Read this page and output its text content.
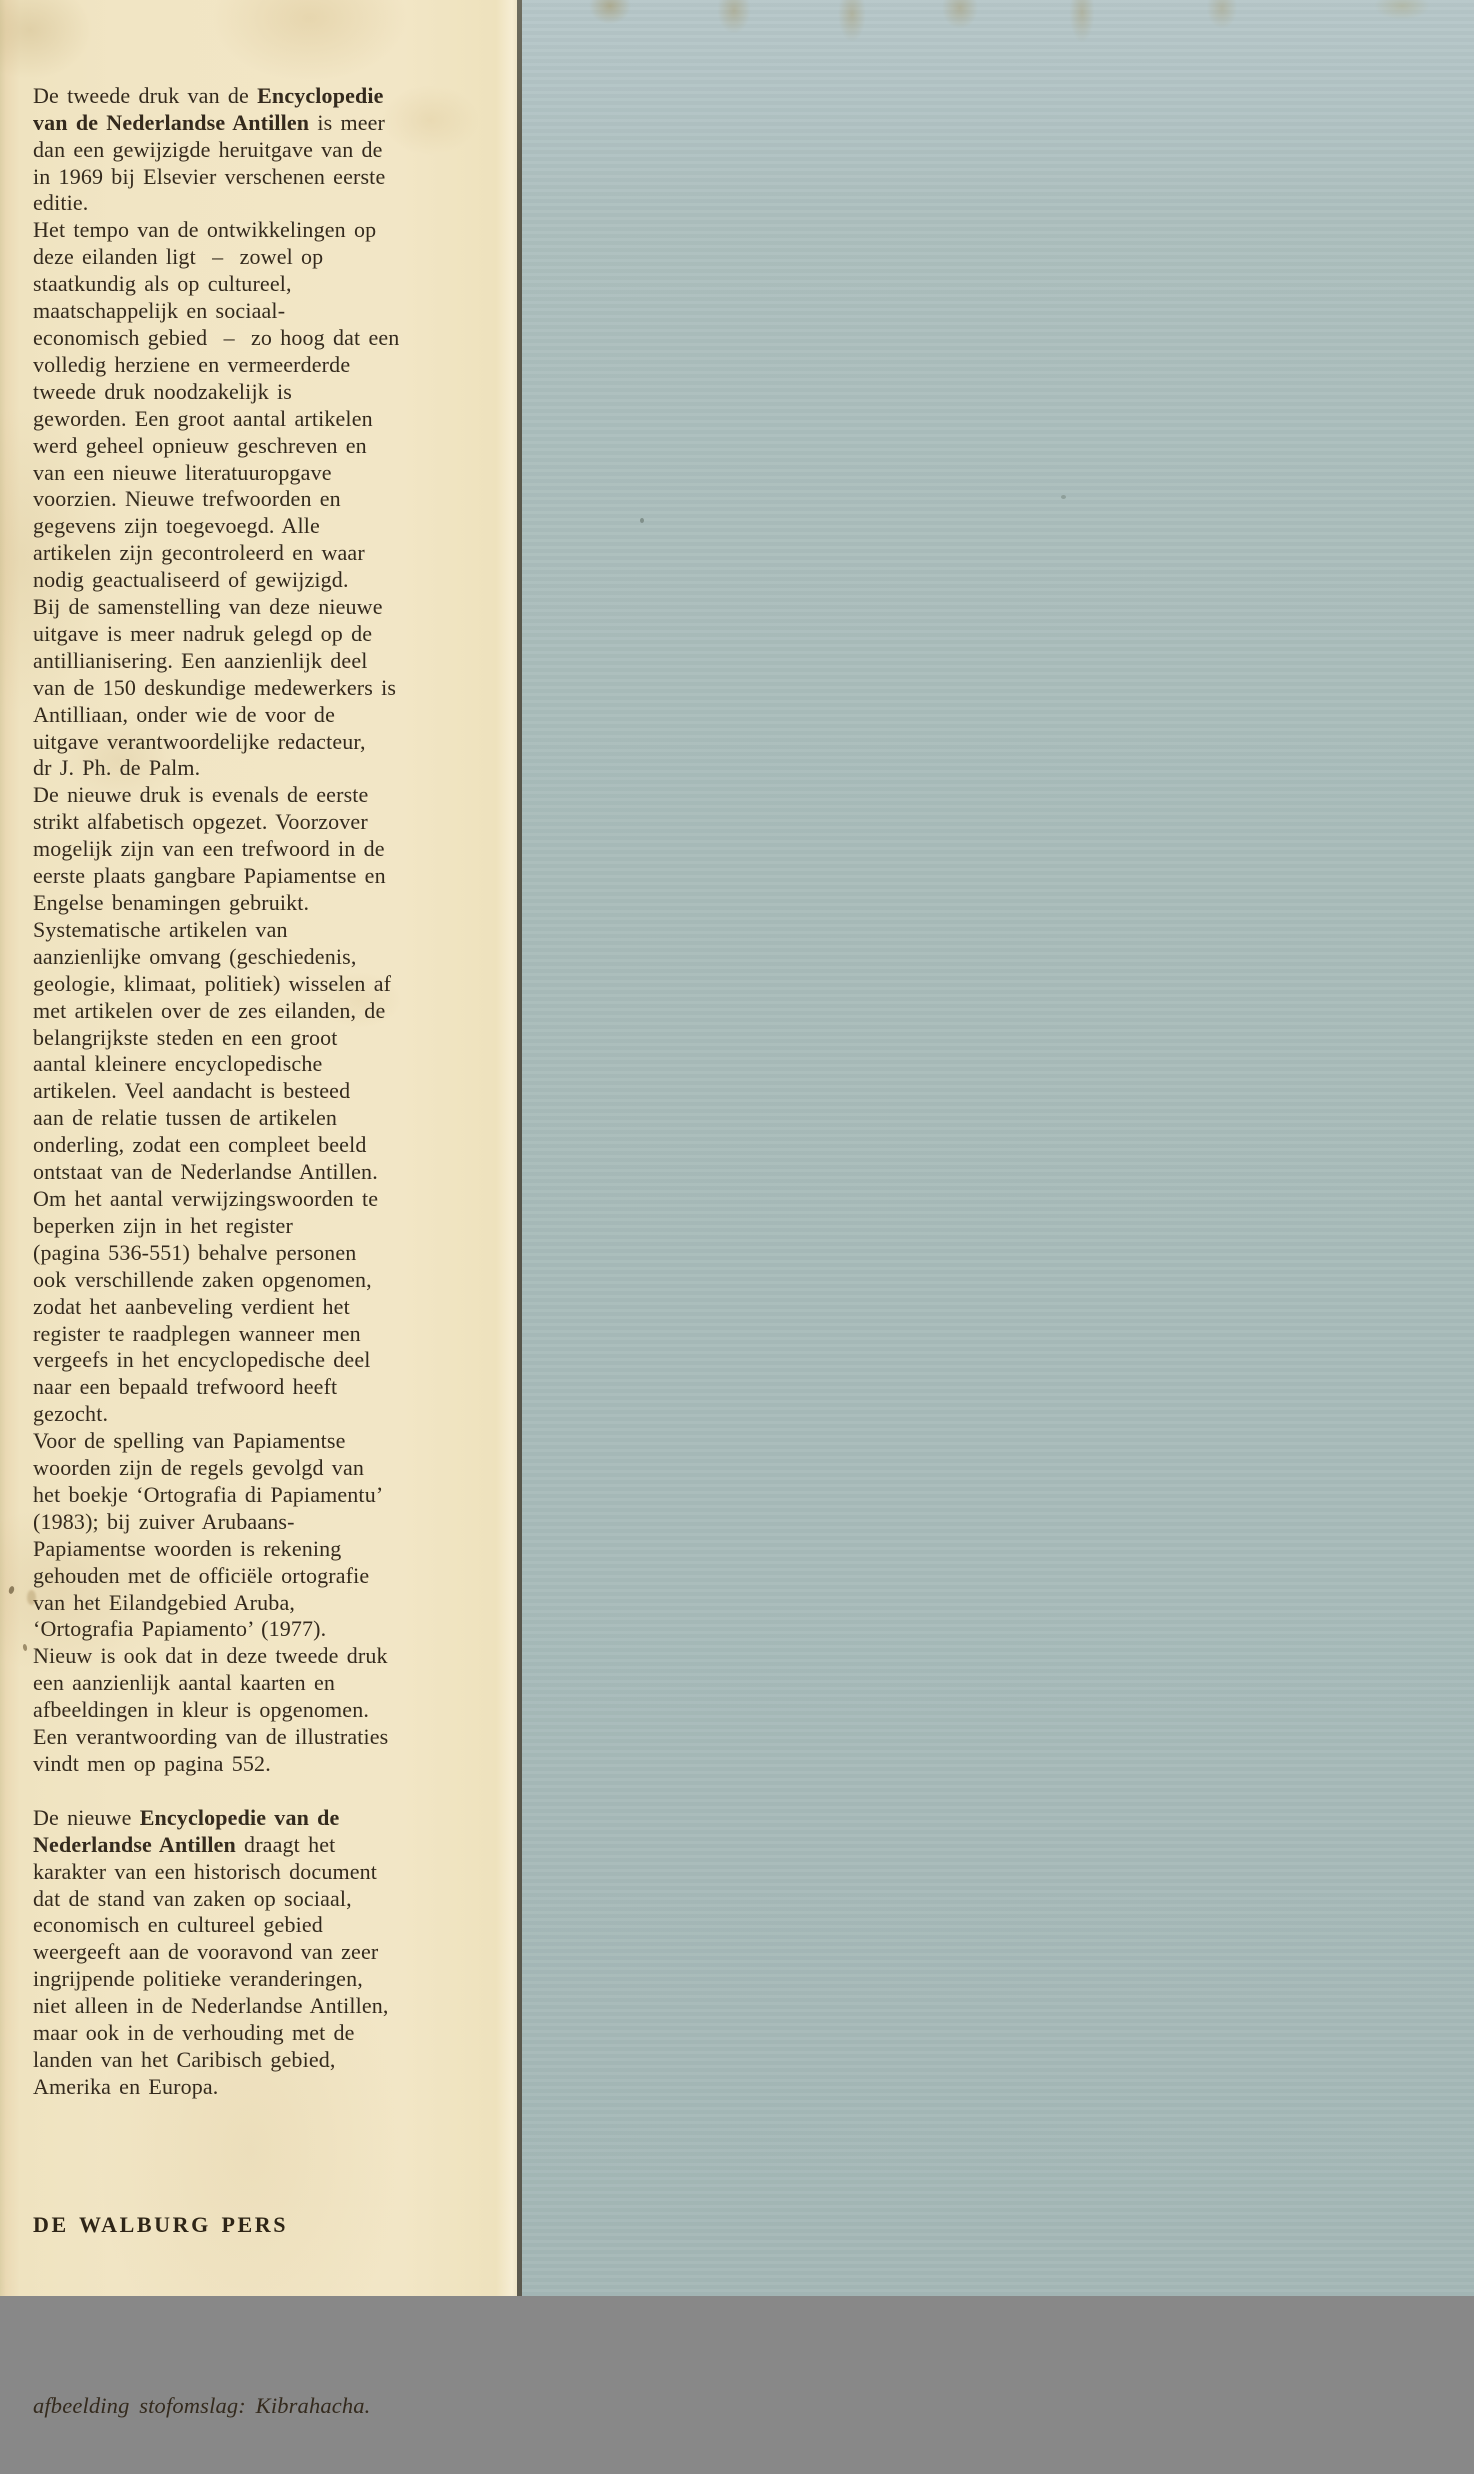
De tweede druk van de Encyclopedie
van de Nederlandse Antillen is meer
dan een gewijzigde heruitgave van de
in 1969 bij Elsevier verschenen eerste
editie.
Het tempo van de ontwikkelingen op
deze eilanden ligt  –  zowel op
staatkundig als op cultureel,
maatschappelijk en sociaal-
economisch gebied  –  zo hoog dat een
volledig herziene en vermeerderde
tweede druk noodzakelijk is
geworden. Een groot aantal artikelen
werd geheel opnieuw geschreven en
van een nieuwe literatuuropgave
voorzien. Nieuwe trefwoorden en
gegevens zijn toegevoegd. Alle
artikelen zijn gecontroleerd en waar
nodig geactualiseerd of gewijzigd.
Bij de samenstelling van deze nieuwe
uitgave is meer nadruk gelegd op de
antillianisering. Een aanzienlijk deel
van de 150 deskundige medewerkers is
Antilliaan, onder wie de voor de
uitgave verantwoordelijke redacteur,
dr J. Ph. de Palm.
De nieuwe druk is evenals de eerste
strikt alfabetisch opgezet. Voorzover
mogelijk zijn van een trefwoord in de
eerste plaats gangbare Papiamentse en
Engelse benamingen gebruikt.
Systematische artikelen van
aanzienlijke omvang (geschiedenis,
geologie, klimaat, politiek) wisselen af
met artikelen over de zes eilanden, de
belangrijkste steden en een groot
aantal kleinere encyclopedische
artikelen. Veel aandacht is besteed
aan de relatie tussen de artikelen
onderling, zodat een compleet beeld
ontstaat van de Nederlandse Antillen.
Om het aantal verwijzingswoorden te
beperken zijn in het register
(pagina 536-551) behalve personen
ook verschillende zaken opgenomen,
zodat het aanbeveling verdient het
register te raadplegen wanneer men
vergeefs in het encyclopedische deel
naar een bepaald trefwoord heeft
gezocht.
Voor de spelling van Papiamentse
woorden zijn de regels gevolgd van
het boekje ‘Ortografia di Papiamentu’
(1983); bij zuiver Arubaans-
Papiamentse woorden is rekening
gehouden met de officiële ortografie
van het Eilandgebied Aruba,
‘Ortografia Papiamento’ (1977).
Nieuw is ook dat in deze tweede druk
een aanzienlijk aantal kaarten en
afbeeldingen in kleur is opgenomen.
Een verantwoording van de illustraties
vindt men op pagina 552.

De nieuwe Encyclopedie van de
Nederlandse Antillen draagt het
karakter van een historisch document
dat de stand van zaken op sociaal,
economisch en cultureel gebied
weergeeft aan de vooravond van zeer
ingrijpende politieke veranderingen,
niet alleen in de Nederlandse Antillen,
maar ook in de verhouding met de
landen van het Caribisch gebied,
Amerika en Europa.

DE WALBURG PERS

afbeelding stofomslag: Kibrahacha.
